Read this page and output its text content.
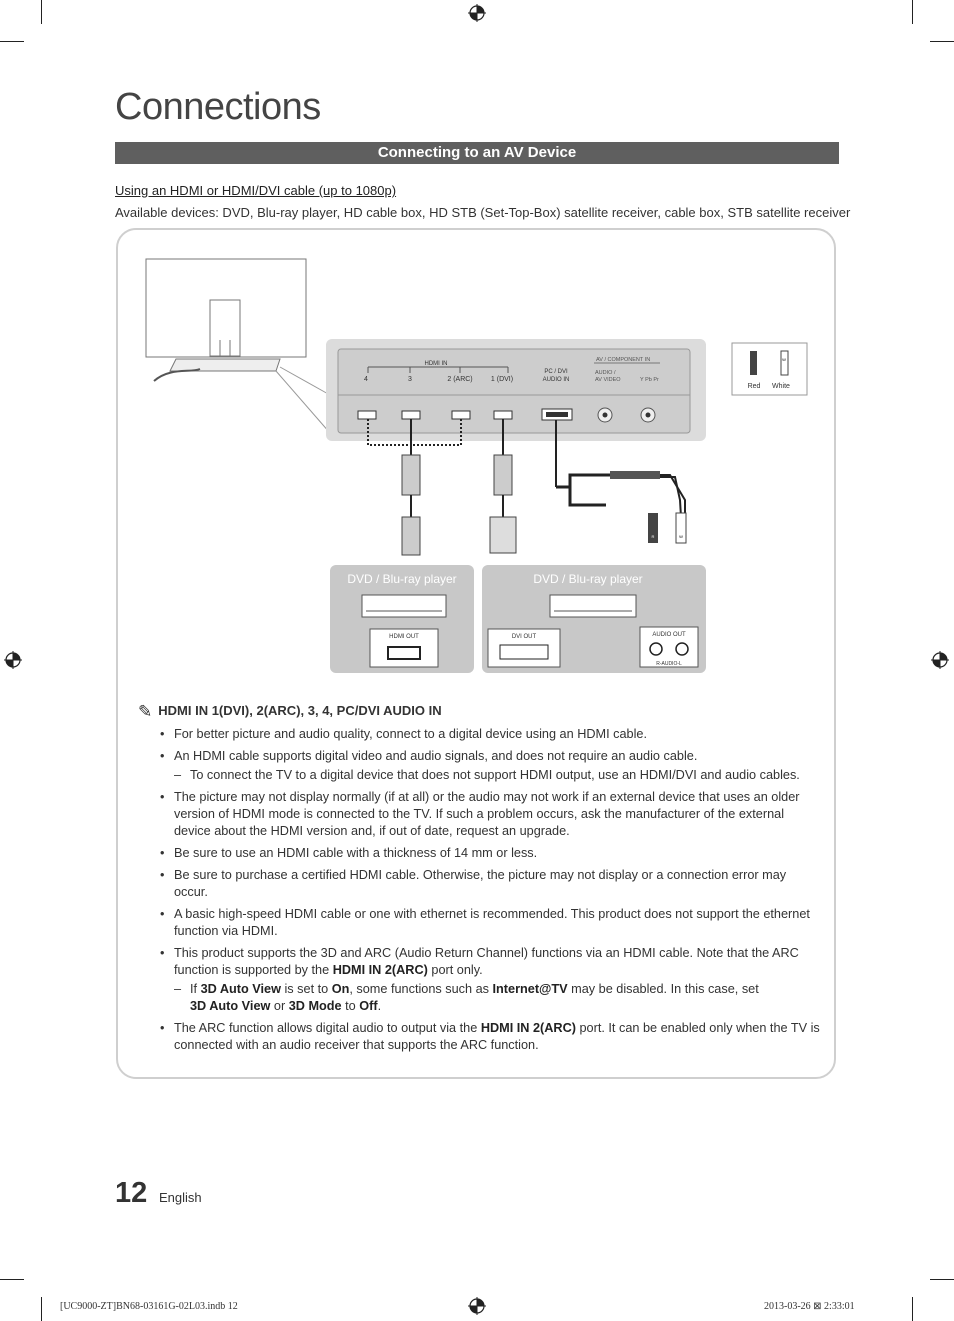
Connections
Connecting to an AV Device
Using an HDMI or HDMI/DVI cable (up to 1080p)
Available devices: DVD, Blu-ray player, HD cable box, HD STB (Set-Top-Box) satellite receiver, cable box, STB satellite receiver
HDMI IN
4	3	2 (ARC)	1 (DVI)
PC / DVI
AUDIO IN
AV / COMPONENT IN
AUDIO /
AV VIDEO	Y Pb Pr
W
Red White
R	W
DVD / Blu-ray player
HDMI OUT
DVD / Blu-ray player
DVI OUT	AUDIO OUT
R-AUDIO-L
✎ HDMI IN 1(DVI), 2(ARC), 3, 4, PC/DVI AUDIO IN
• For better picture and audio quality, connect to a digital device using an HDMI cable.
• An HDMI cable supports digital video and audio signals, and does not require an audio cable.
– To connect the TV to a digital device that does not support HDMI output, use an HDMI/DVI and audio cables.
• The picture may not display normally (if at all) or the audio may not work if an external device that uses an older version of HDMI mode is connected to the TV. If such a problem occurs, ask the manufacturer of the external device about the HDMI version and, if out of date, request an upgrade.
• Be sure to use an HDMI cable with a thickness of 14 mm or less.
• Be sure to purchase a certified HDMI cable. Otherwise, the picture may not display or a connection error may occur.
• A basic high-speed HDMI cable or one with ethernet is recommended. This product does not support the ethernet function via HDMI.
• This product supports the 3D and ARC (Audio Return Channel) functions via an HDMI cable. Note that the ARC function is supported by the HDMI IN 2(ARC) port only.
– If 3D Auto View is set to On, some functions such as Internet@TV may be disabled. In this case, set
3D Auto View or 3D Mode to Off.
• The ARC function allows digital audio to output via the HDMI IN 2(ARC) port. It can be enabled only when the TV is connected with an audio receiver that supports the ARC function.
12 English
[UC9000-ZT]BN68-03161G-02L03.indb 12	2013-03-26 ⊠ 2:33:01
